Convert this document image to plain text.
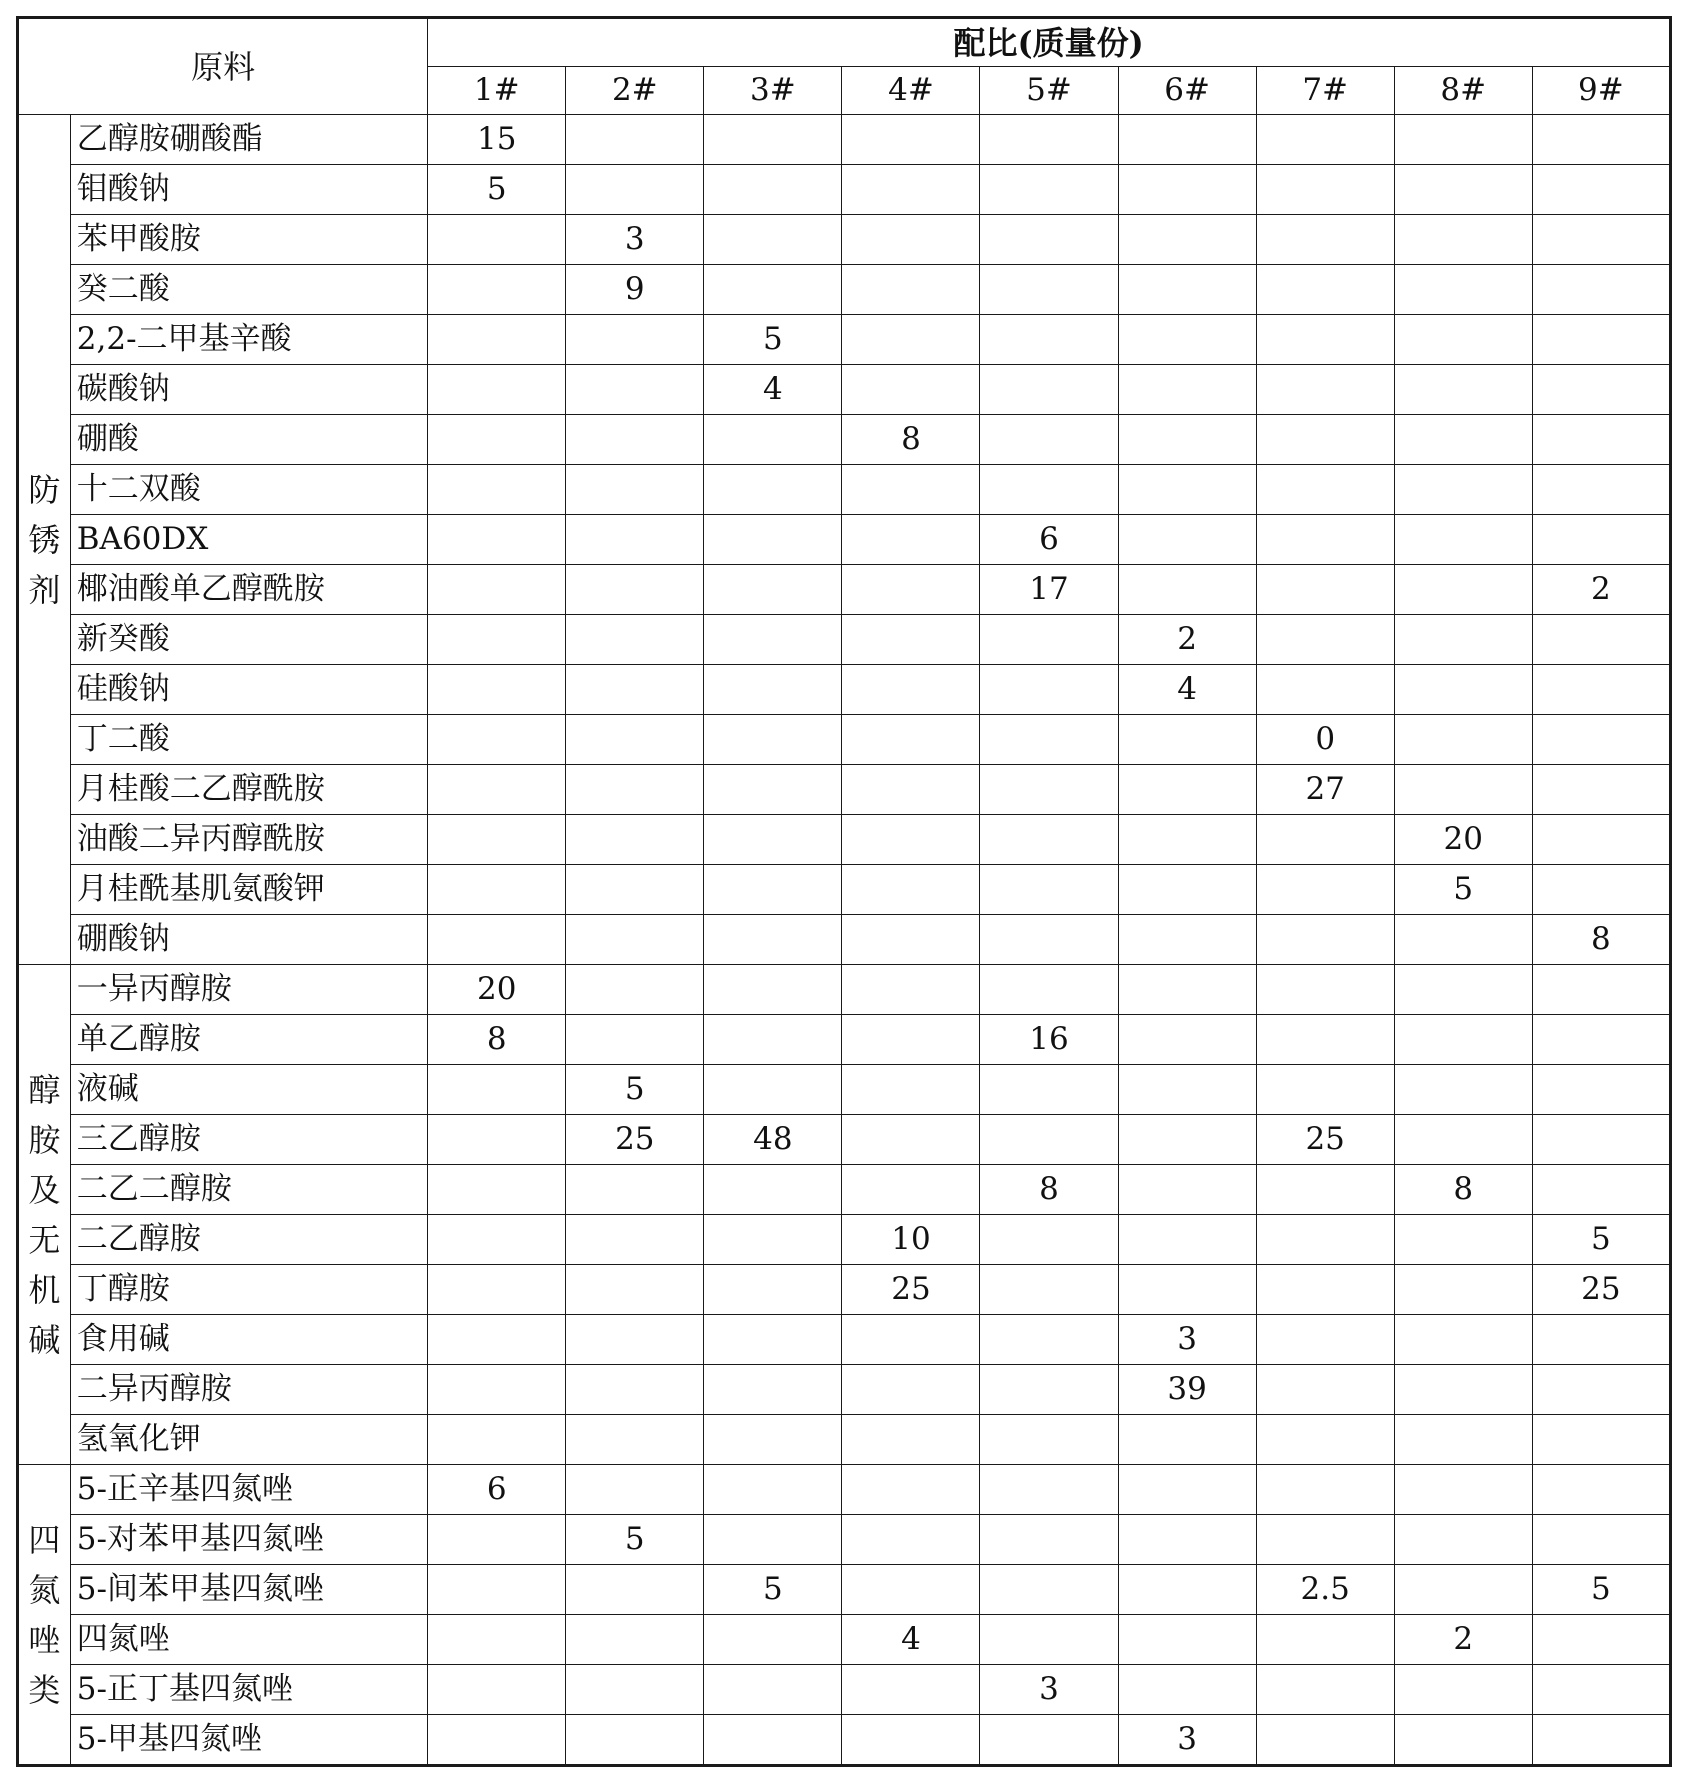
原料		配比(质量份)								
		1#	2#	3#	4#	5#	6#	7#	8#	9#

防锈剂	乙醇胺硼酸酯	15								
	钼酸钠	5								
	苯甲酸胺		3							
	癸二酸		9							
	2,2-二甲基辛酸			5						
	碳酸钠			4						
	硼酸				8					
	十二双酸									
	BA60DX					6				
	椰油酸单乙醇酰胺					17				2
	新癸酸						2			
	硅酸钠						4			
	丁二酸							0		
	月桂酸二乙醇酰胺							27		
	油酸二异丙醇酰胺								20	
	月桂酰基肌氨酸钾								5	
	硼酸钠									8

醇胺及无机碱	一异丙醇胺	20								
	单乙醇胺	8				16				
	液碱		5							
	三乙醇胺		25	48				25		
	二乙二醇胺					8			8	
	二乙醇胺				10					5
	丁醇胺				25					25
	食用碱						3			
	二异丙醇胺						39			
	氢氧化钾									

四氮唑类	5-正辛基四氮唑	6								
	5-对苯甲基四氮唑		5							
	5-间苯甲基四氮唑			5				2.5		5
	四氮唑				4				2	
	5-正丁基四氮唑					3				
	5-甲基四氮唑						3			
